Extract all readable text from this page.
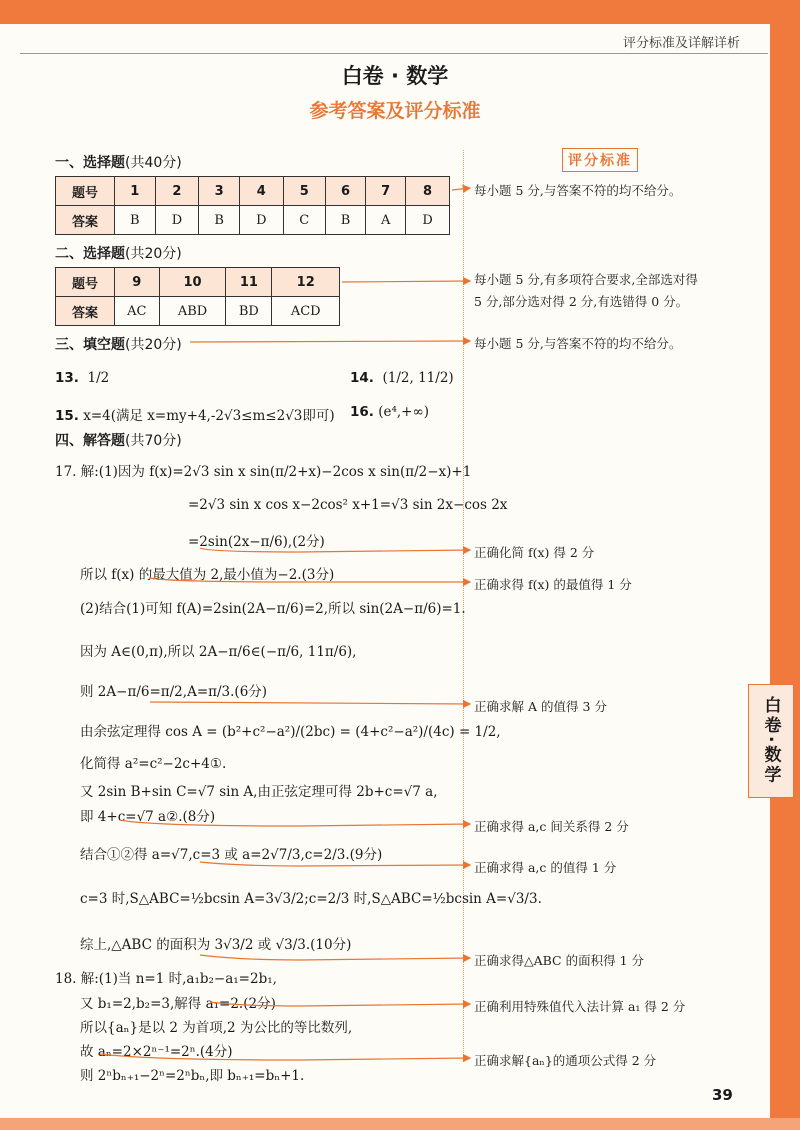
评分标准及详解详析
白卷 · 数学
参考答案及评分标准
评分标准
一、选择题(共40分)
题号	1	2	3	4	5	6	7	8
答案	B	D	B	D	C	B	A	D
二、选择题(共20分)
题号	9	10	11	12
答案	AC	ABD	BD	ACD
三、填空题(共20分)
13. 1/2	14. (1/2, 11/2)
15. x=4(满足 x=my+4,-2√3≤m≤2√3即可) 16. (e⁴,+∞)
四、解答题(共70分)
17. 解:(1)因为 f(x)=2√3 sin x sin(π/2+x)−2cos x sin(π/2−x)+1
=2√3 sin x cos x−2cos² x+1=√3 sin 2x−cos 2x
=2sin(2x−π/6),(2分)
所以 f(x) 的最大值为 2,最小值为−2.(3分)
(2)结合(1)可知 f(A)=2sin(2A−π/6)=2,所以 sin(2A−π/6)=1.
因为 A∈(0,π),所以 2A−π/6∈(−π/6, 11π/6),
则 2A−π/6=π/2,A=π/3.(6分)
由余弦定理得 cos A = (b²+c²−a²)/(2bc) = (4+c²−a²)/(4c) = 1/2,
化简得 a²=c²−2c+4①.
又 2sin B+sin C=√7 sin A,由正弦定理可得 2b+c=√7 a,
即 4+c=√7 a②.(8分)
结合①②得 a=√7,c=3 或 a=2√7/3,c=2/3.(9分)
c=3 时,S△ABC=½bcsin A=3√3/2;c=2/3 时,S△ABC=½bcsin A=√3/3.
综上,△ABC 的面积为 3√3/2 或 √3/3.(10分)
18. 解:(1)当 n=1 时,a₁b₂−a₁=2b₁,
又 b₁=2,b₂=3,解得 a₁=2.(2分)
所以{aₙ}是以 2 为首项,2 为公比的等比数列,
故 aₙ=2×2ⁿ⁻¹=2ⁿ.(4分)
则 2ⁿbₙ₊₁−2ⁿ=2ⁿbₙ,即 bₙ₊₁=bₙ+1.
每小题 5 分,与答案不符的均不给分。
每小题 5 分,有多项符合要求,全部选对得
5 分,部分选对得 2 分,有选错得 0 分。
每小题 5 分,与答案不符的均不给分。
正确化简 f(x) 得 2 分
正确求得 f(x) 的最值得 1 分
正确求解 A 的值得 3 分
正确求得 a,c 间关系得 2 分
正确求得 a,c 的值得 1 分
正确求得△ABC 的面积得 1 分
正确利用特殊值代入法计算 a₁ 得 2 分
正确求解{aₙ}的通项公式得 2 分
白卷·数学
39
